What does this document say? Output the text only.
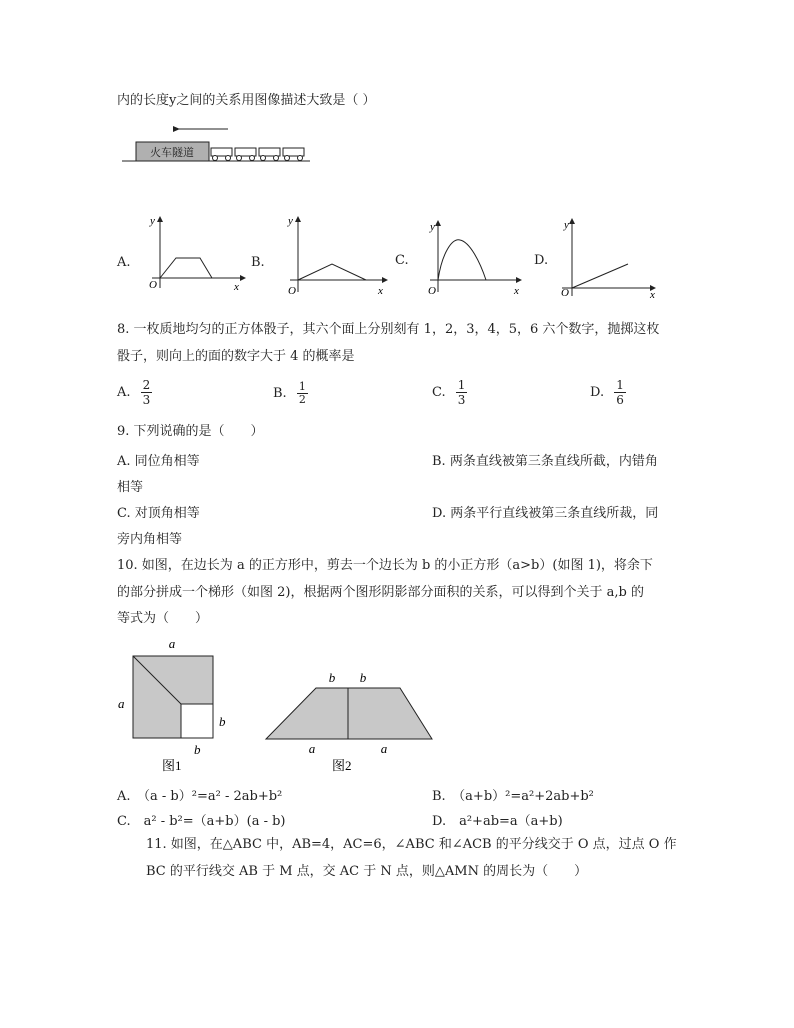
内的长度y之间的关系用图像描述大致是（ ）
火车隧道
A.
y
x
O
B.
y
x
O
C.
y
x
O
D.
y
x
O
8. 一枚质地均匀的正方体骰子，其六个面上分别刻有 1，2，3，4，5，6 六个数字，抛掷这枚
骰子，则向上的面的数字大于 4 的概率是
A. $\frac{2}{3}$	B. $\frac{1}{2}$	C. $\frac{1}{3}$	D. $\frac{1}{6}$
9. 下列说确的是（　　）
A. 同位角相等	B. 两条直线被第三条直线所截，内错角
相等
C. 对顶角相等	D. 两条平行直线被第三条直线所裁，同
旁内角相等
10. 如图，在边长为 a 的正方形中，剪去一个边长为 b 的小正方形（a>b）(如图 1)，将余下
的部分拼成一个梯形（如图 2)，根据两个图形阴影部分面积的关系，可以得到个关于 a,b 的
等式为（　　）
a
a
b
b
图1
b b
a	a
图2
A.　（a - b）²=a² - 2ab+b²	B.　（a+b）²=a²+2ab+b²
C.　a² - b²=（a+b）(a - b)	D.　a²+ab=a（a+b)
11. 如图，在△ABC 中，AB=4，AC=6，∠ABC 和∠ACB 的平分线交于 O 点，过点 O 作
BC 的平行线交 AB 于 M 点，交 AC 于 N 点，则△AMN 的周长为（　　）
